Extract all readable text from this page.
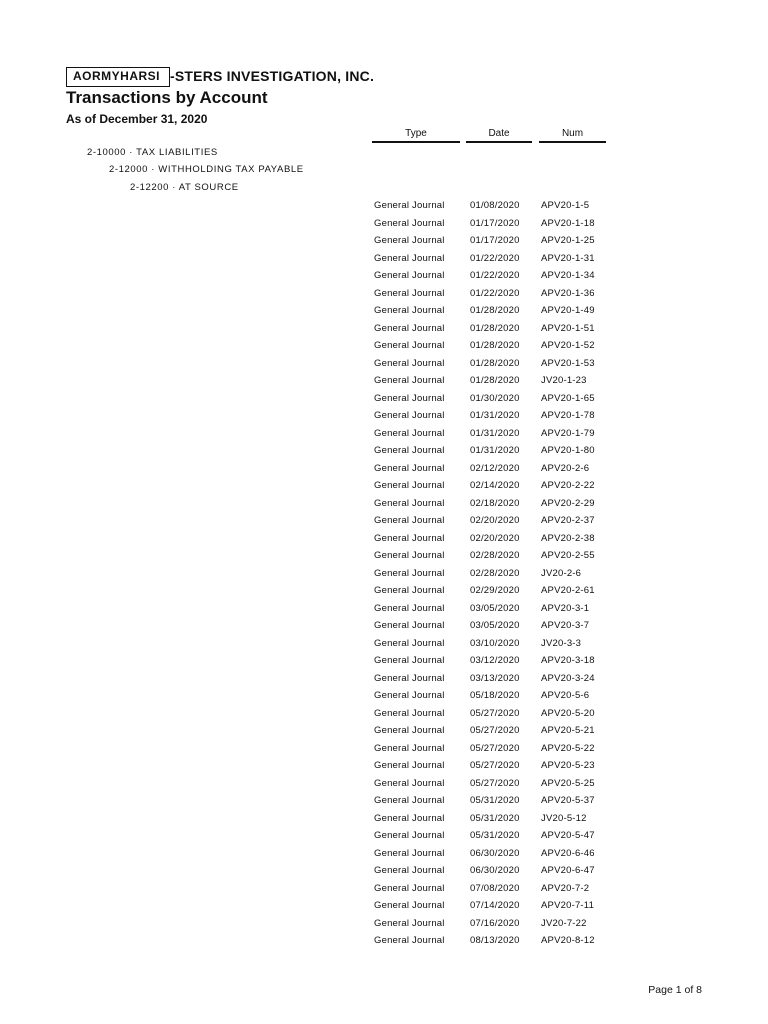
AORMYHARSI -STERS INVESTIGATION, INC.
Transactions by Account
As of December 31, 2020
Type	Date	Num
2-10000 · TAX LIABILITIES
2-12000 · WITHHOLDING TAX PAYABLE
2-12200 · AT SOURCE
General Journal	01/08/2020 APV20-1-5
General Journal	01/17/2020 APV20-1-18
General Journal	01/17/2020 APV20-1-25
General Journal	01/22/2020 APV20-1-31
General Journal	01/22/2020 APV20-1-34
General Journal	01/22/2020 APV20-1-36
General Journal	01/28/2020 APV20-1-49
General Journal	01/28/2020 APV20-1-51
General Journal	01/28/2020 APV20-1-52
General Journal	01/28/2020 APV20-1-53
General Journal	01/28/2020 JV20-1-23
General Journal	01/30/2020 APV20-1-65
General Journal	01/31/2020 APV20-1-78
General Journal	01/31/2020 APV20-1-79
General Journal	01/31/2020 APV20-1-80
General Journal	02/12/2020 APV20-2-6
General Journal	02/14/2020 APV20-2-22
General Journal	02/18/2020 APV20-2-29
General Journal	02/20/2020 APV20-2-37
General Journal	02/20/2020 APV20-2-38
General Journal	02/28/2020 APV20-2-55
General Journal	02/28/2020 JV20-2-6
General Journal	02/29/2020 APV20-2-61
General Journal	03/05/2020 APV20-3-1
General Journal	03/05/2020 APV20-3-7
General Journal	03/10/2020 JV20-3-3
General Journal	03/12/2020 APV20-3-18
General Journal	03/13/2020 APV20-3-24
General Journal	05/18/2020 APV20-5-6
General Journal	05/27/2020 APV20-5-20
General Journal	05/27/2020 APV20-5-21
General Journal	05/27/2020 APV20-5-22
General Journal	05/27/2020 APV20-5-23
General Journal	05/27/2020 APV20-5-25
General Journal	05/31/2020 APV20-5-37
General Journal	05/31/2020 JV20-5-12
General Journal	05/31/2020 APV20-5-47
General Journal	06/30/2020 APV20-6-46
General Journal	06/30/2020 APV20-6-47
General Journal	07/08/2020 APV20-7-2
General Journal	07/14/2020 APV20-7-11
General Journal	07/16/2020 JV20-7-22
General Journal	08/13/2020 APV20-8-12
Page 1 of 8
